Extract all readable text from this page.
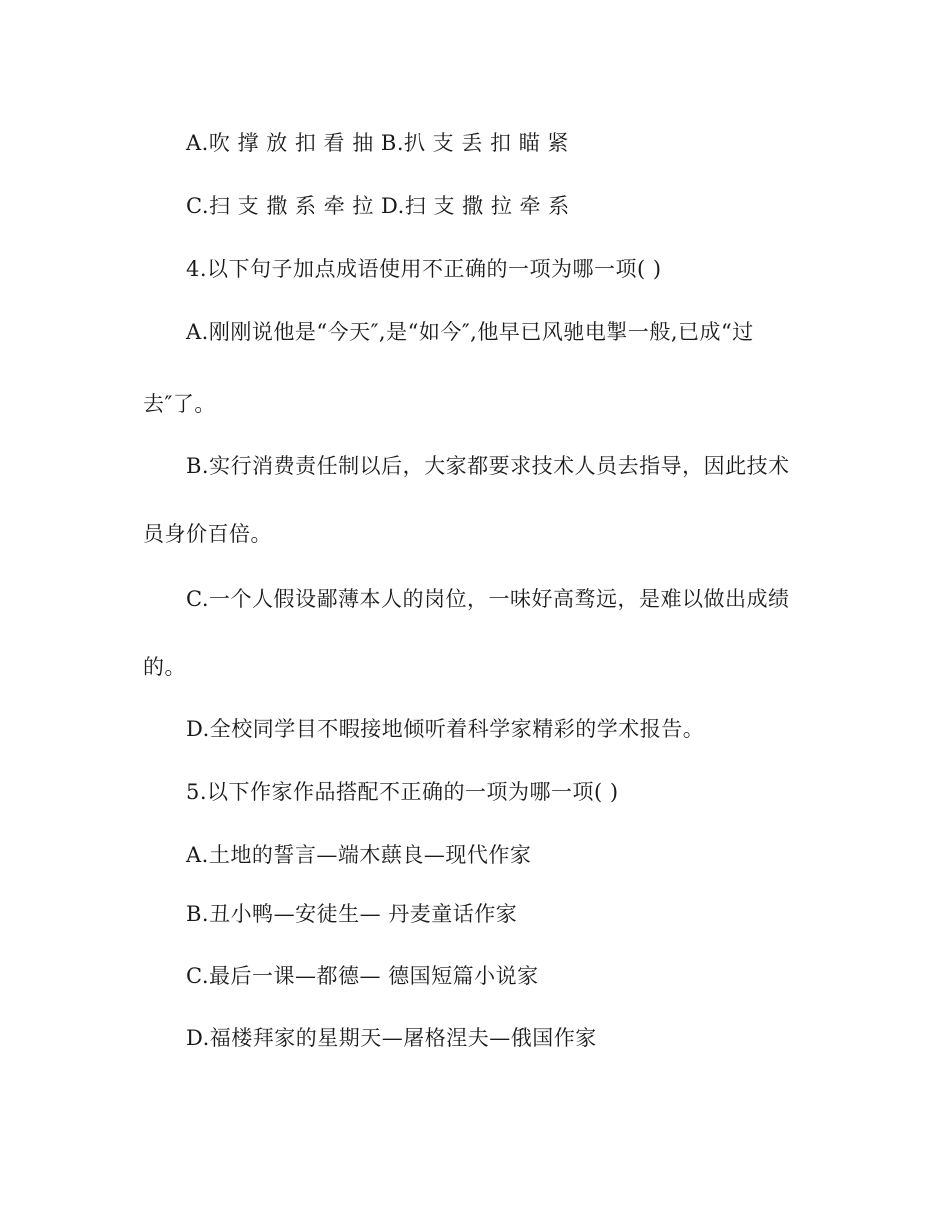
A.吹 撑 放 扣 看 抽 B.扒 支 丢 扣 瞄 紧
C.扫 支 撒 系 牵 拉 D.扫 支 撒 拉 牵 系
4.以下句子加点成语使用不正确的一项为哪一项( )
A.刚刚说他是“今天″,是“如今″,他早已风驰电掣一般,已成“过
去″了。
B.实行消费责任制以后，大家都要求技术人员去指导，因此技术
员身价百倍。
C.一个人假设鄙薄本人的岗位，一味好高骛远，是难以做出成绩
的。
D.全校同学目不暇接地倾听着科学家精彩的学术报告。
5.以下作家作品搭配不正确的一项为哪一项( )
A.土地的誓言—端木蕻良—现代作家
B.丑小鸭—安徒生— 丹麦童话作家
C.最后一课—都德— 德国短篇小说家
D.福楼拜家的星期天—屠格涅夫—俄国作家
